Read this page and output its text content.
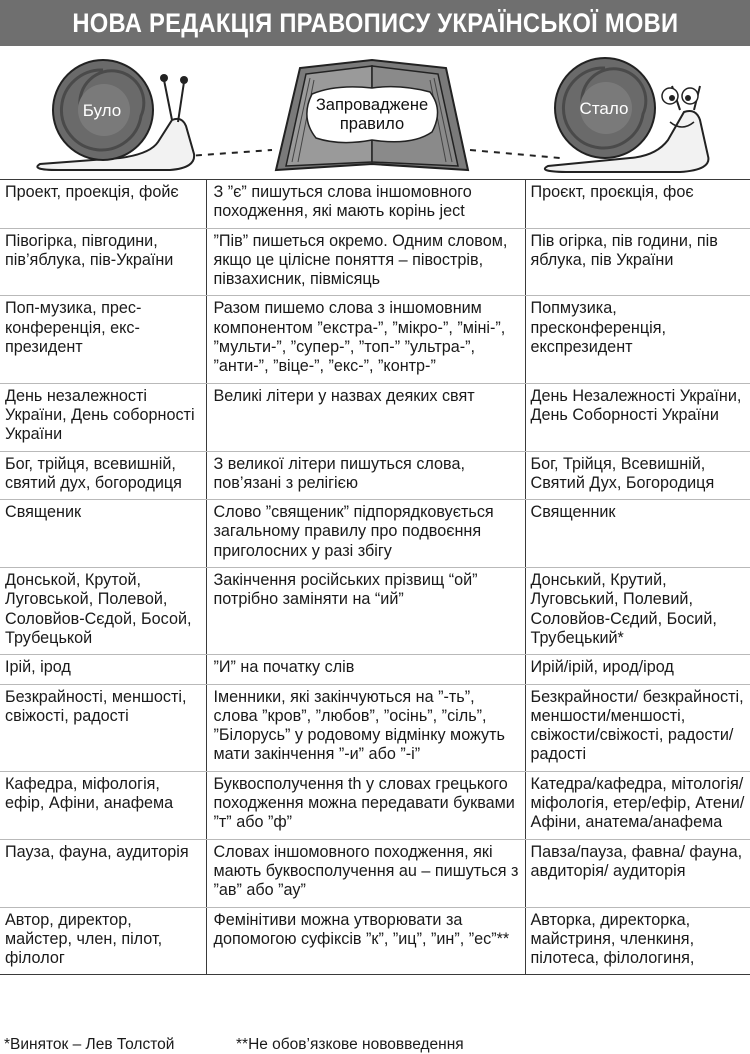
НОВА РЕДАКЦІЯ ПРАВОПИСУ УКРАЇНСЬКОЇ МОВИ
Було	Запроваджене
правило
Стало
Проект, проекція, фойє	З ”є” пишуться слова іншомовного походження, які мають корінь ject	Проєкт, проєкція, фоє
Півогірка, півгодини, пів’яблука, пів-України	”Пів” пишеться окремо. Одним словом, якщо це цілісне поняття – півострів, півзахисник, півмісяць	Пів огірка, пів години, пів яблука, пів України
Поп-музика, прес-конференція, екс-президент	Разом пишемо слова з іншомовним компонентом ”екстра-”, ”мікро-”, ”міні-”, ”мульти-”, ”супер-”, ”топ-” ”ультра-”, ”анти-”, ”віце-”, ”екс-”, ”контр-”	Попмузика, пресконференція, експрезидент
День незалежності України, День соборності України	Великі літери у назвах деяких свят	День Незалежності України, День Соборності України
Бог, трійця, всевишній, святий дух, богородиця	З великої літери пишуться слова, пов’язані з релігією	Бог, Трійця, Всевишній, Святий Дух, Богородиця
Священик	Слово ”священик” підпорядковується загальному правилу про подвоєння приголосних у разі збігу	Священник
Донськой, Крутой, Луговськой, Полевой, Соловйов-Сєдой, Босой, Трубецькой	Закінчення російських прізвищ “ой” потрібно заміняти на “ий”	Донський, Крутий, Луговський, Полевий, Соловйов-Сєдий, Босий, Трубецький*
Ірій, ірод	”И” на початку слів	Ирій/ірій, ирод/ірод
Безкрайності, меншості, свіжості, радості	Іменники, які закінчуються на ”-ть”, слова ”кров”, ”любов”, ”осінь”, ”сіль”, ”Білорусь” у родовому відмінку можуть мати закінчення ”-и” або ”-і”	Безкрайности/ безкрайності, меншости/меншості, свіжости/свіжості, радости/радості
Кафедра, міфологія, ефір, Афіни, анафема	Буквосполучення th у словах грецького походження можна передавати буквами ”т” або ”ф”	Катедра/кафедра, мітологія/міфологія, етер/ефір, Атени/Афіни, анатема/анафема
Пауза, фауна, аудиторія	Словах іншомовного походження, які мають буквосполучення au – пишуться з ”ав” або ”ау”	Павза/пауза, фавна/ фауна, авдиторія/ аудиторія
Автор, директор, майстер, член, пілот, філолог	Фемінітиви можна утворювати за допомогою суфіксів ”к”, ”иц”, ”ин”, ”ес”**	Авторка, директорка, майстриня, членкиня, пілотеса, філологиня,
*Виняток – Лев Толстой	**Не обов’язкове нововведення
